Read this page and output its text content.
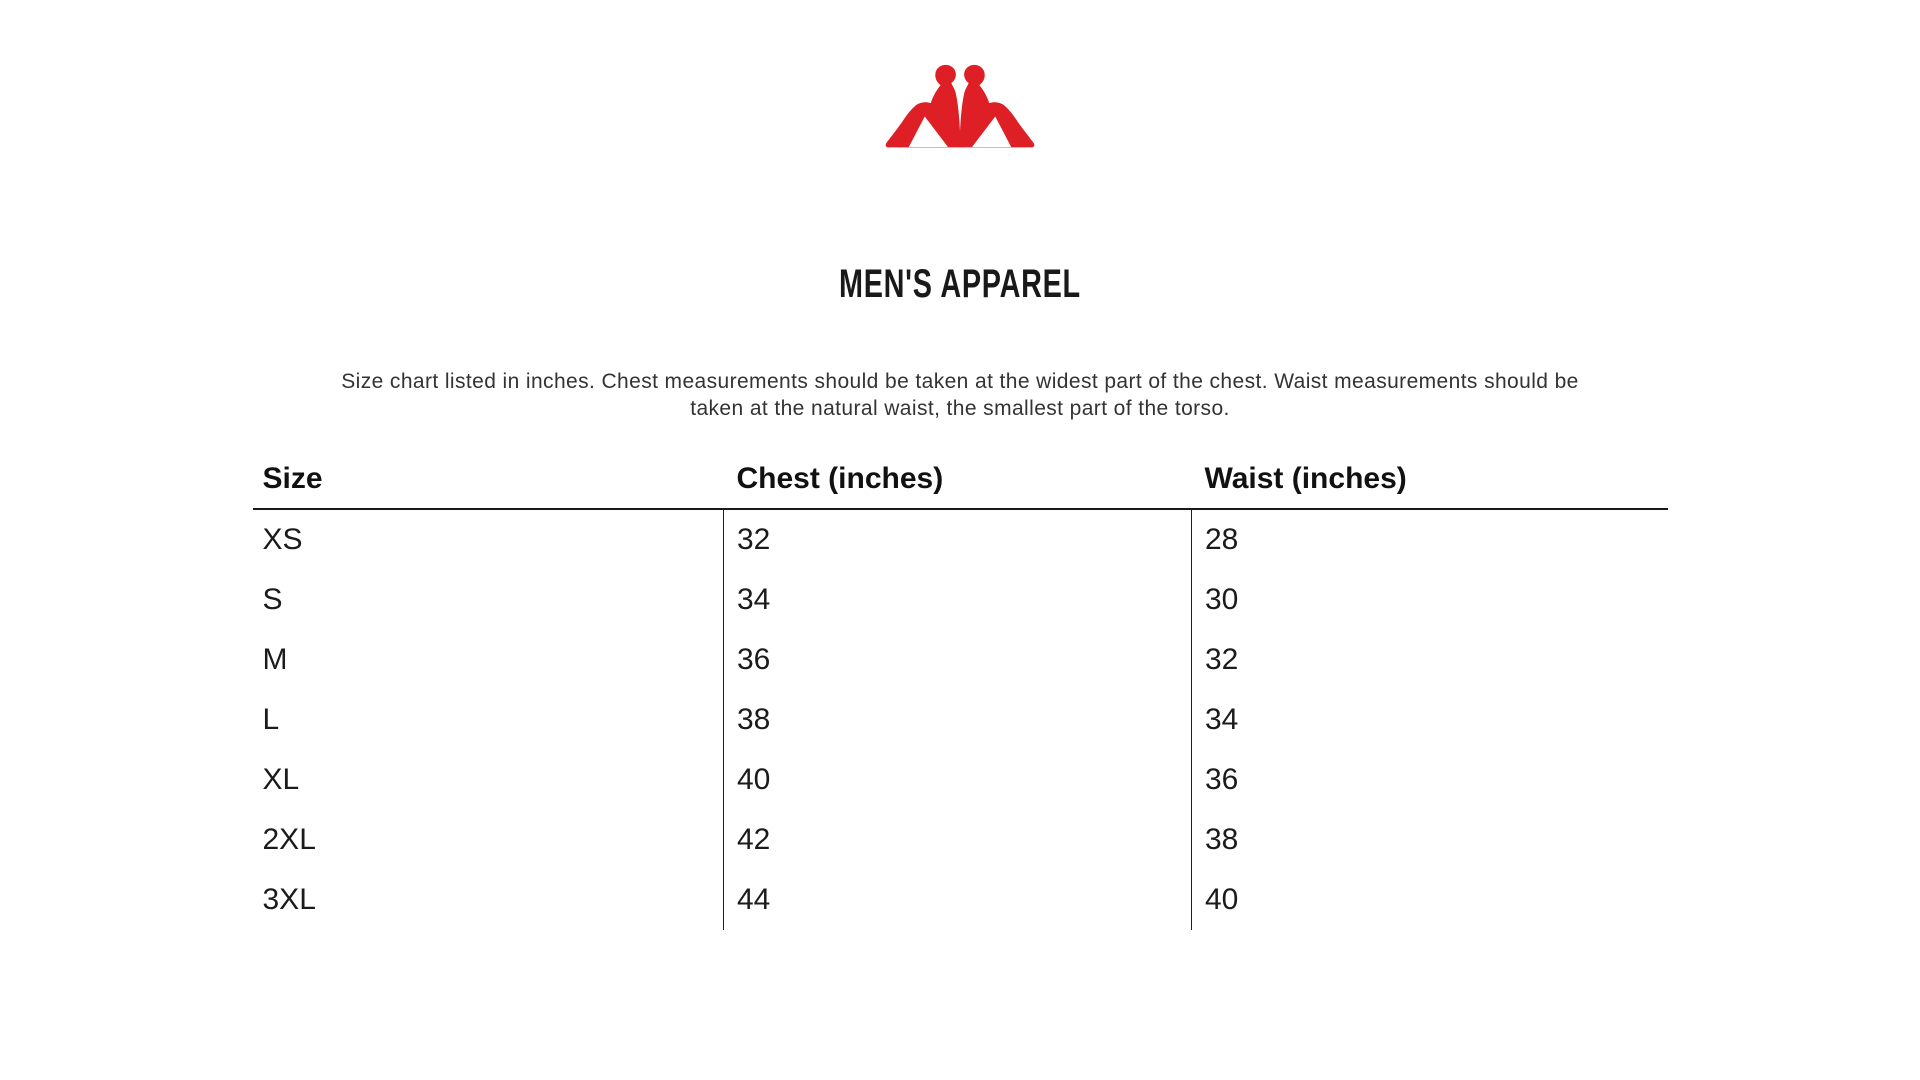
MEN'S APPAREL
Size chart listed in inches. Chest measurements should be taken at the widest part of the chest. Waist measurements should be
taken at the natural waist, the smallest part of the torso.
Size	Chest (inches)	Waist (inches)
XS	32	28
S	34	30
M	36	32
L	38	34
XL	40	36
2XL	42	38
3XL	44	40
